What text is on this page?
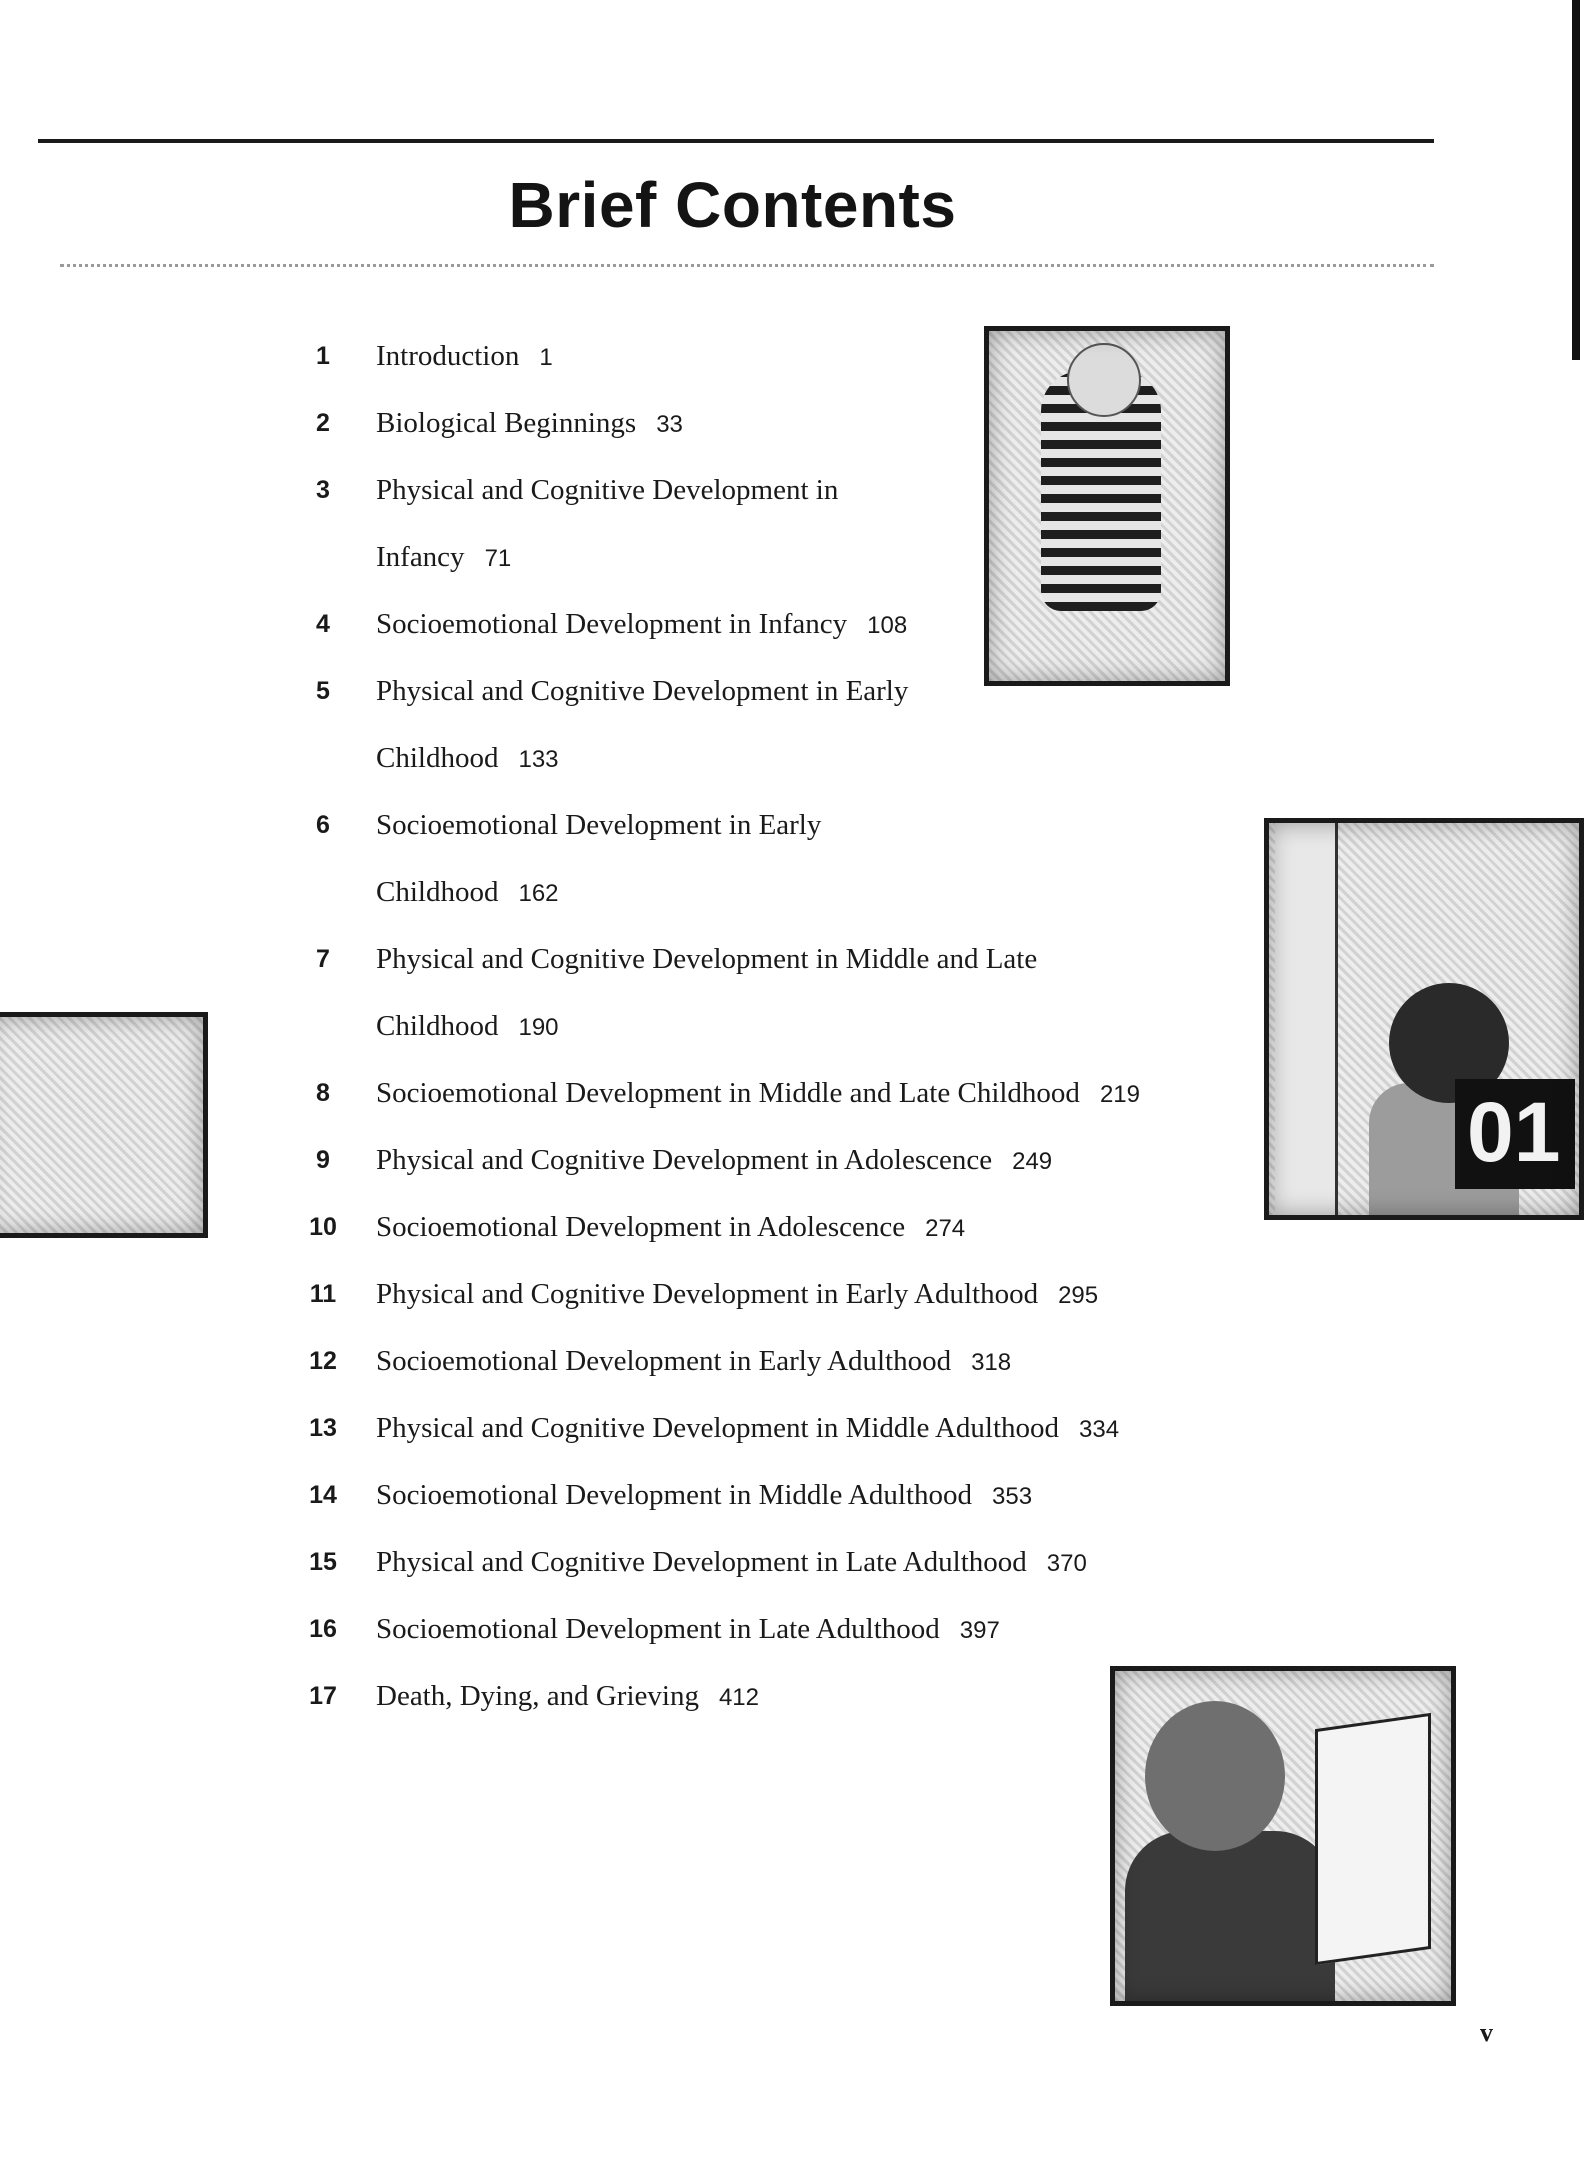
Brief Contents
1	Introduction 1
2	Biological Beginnings 33
3	Physical and Cognitive Development in
Infancy 71
4	Socioemotional Development in Infancy 108
5	Physical and Cognitive Development in Early
Childhood 133
6	Socioemotional Development in Early
Childhood 162
7	Physical and Cognitive Development in Middle and Late
Childhood 190
8	Socioemotional Development in Middle and Late Childhood 219
9	Physical and Cognitive Development in Adolescence 249
10	Socioemotional Development in Adolescence 274
11	Physical and Cognitive Development in Early Adulthood 295
12	Socioemotional Development in Early Adulthood 318
13	Physical and Cognitive Development in Middle Adulthood 334
14	Socioemotional Development in Middle Adulthood 353
15	Physical and Cognitive Development in Late Adulthood 370
16	Socioemotional Development in Late Adulthood 397
17	Death, Dying, and Grieving 412
01
v
